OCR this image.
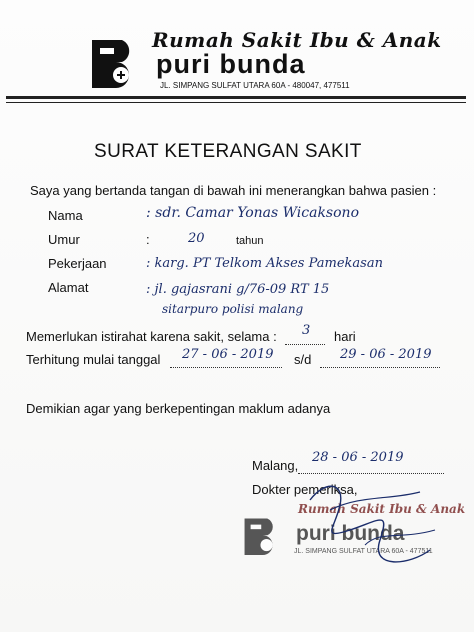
Rumah Sakit Ibu & Anak
puri bunda
JL. SIMPANG SULFAT UTARA 60A - 480047, 477511
SURAT KETERANGAN SAKIT
Saya yang bertanda tangan di bawah ini menerangkan bahwa pasien :
Nama	: sdr. Camar Yonas Wicaksono
Umur	:	20	tahun
Pekerjaan	: karg. PT Telkom Akses Pamekasan
Alamat	: jl. gajasrani g/76-09 RT 15
sitarpuro polisi malang
Memerlukan istirahat karena sakit, selama : 3 hari
Terhitung mulai tanggal 27 - 06 - 2019 s/d 29 - 06 - 2019
Demikian agar yang berkepentingan maklum adanya
Malang,
28 - 06 - 2019
Dokter pemeriksa,
Rumah Sakit Ibu & Anak
puri bunda
JL. SIMPANG SULFAT UTARA 60A - 477511
